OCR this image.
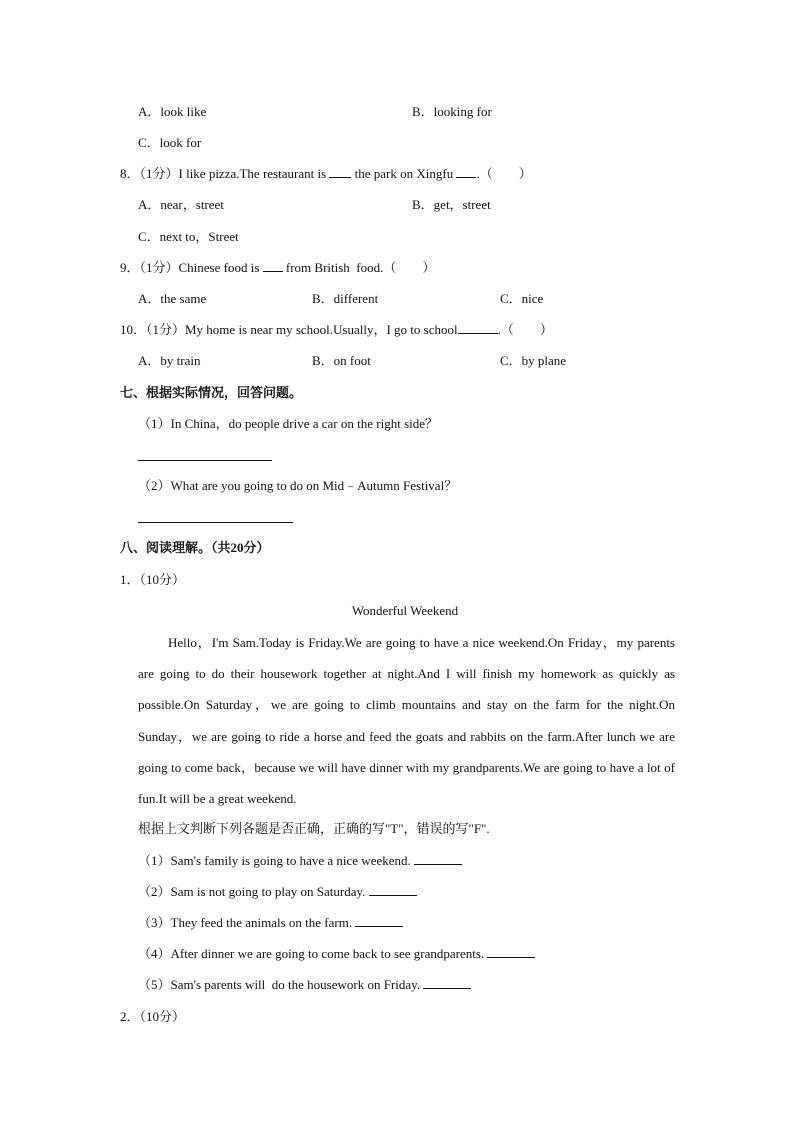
A．look like	B．looking for
C．look for
8．（1分）I like pizza.The restaurant is  the park on Xingfu .（　　）
A．near，street	B．get，street
C．next to，Street
9．（1分）Chinese food is  from British  food.（　　）
A．the same	B．different	C．nice
10．（1分）My home is near my school.Usually，I go to school	.（　　）
A．by train	B．on foot	C．by plane
七、根据实际情况，回答问题。
（1）In China，do people drive a car on the right side？
（2）What are you going to do on Mid﹣Autumn Festival？
八、阅读理解。（共20分）
1．（10分）
Wonderful Weekend
Hello，I'm Sam.Today is Friday.We are going to have a nice weekend.On Friday，my parents are going to do their housework together at night.And I will finish my homework as quickly as possible.On Saturday，we are going to climb mountains and stay on the farm for the night.On Sunday，we are going to ride a horse and feed the goats and rabbits on the farm.After lunch we are going to come back，because we will have dinner with my grandparents.We are going to have a lot of fun.It will be a great weekend.
根据上文判断下列各题是否正确，正确的写"T"，错误的写"F".
（1）Sam's family is going to have a nice weekend.
（2）Sam is not going to play on Saturday.
（3）They feed the animals on the farm.
（4）After dinner we are going to come back to see grandparents.
（5）Sam's parents will  do the housework on Friday.
2．（10分）
